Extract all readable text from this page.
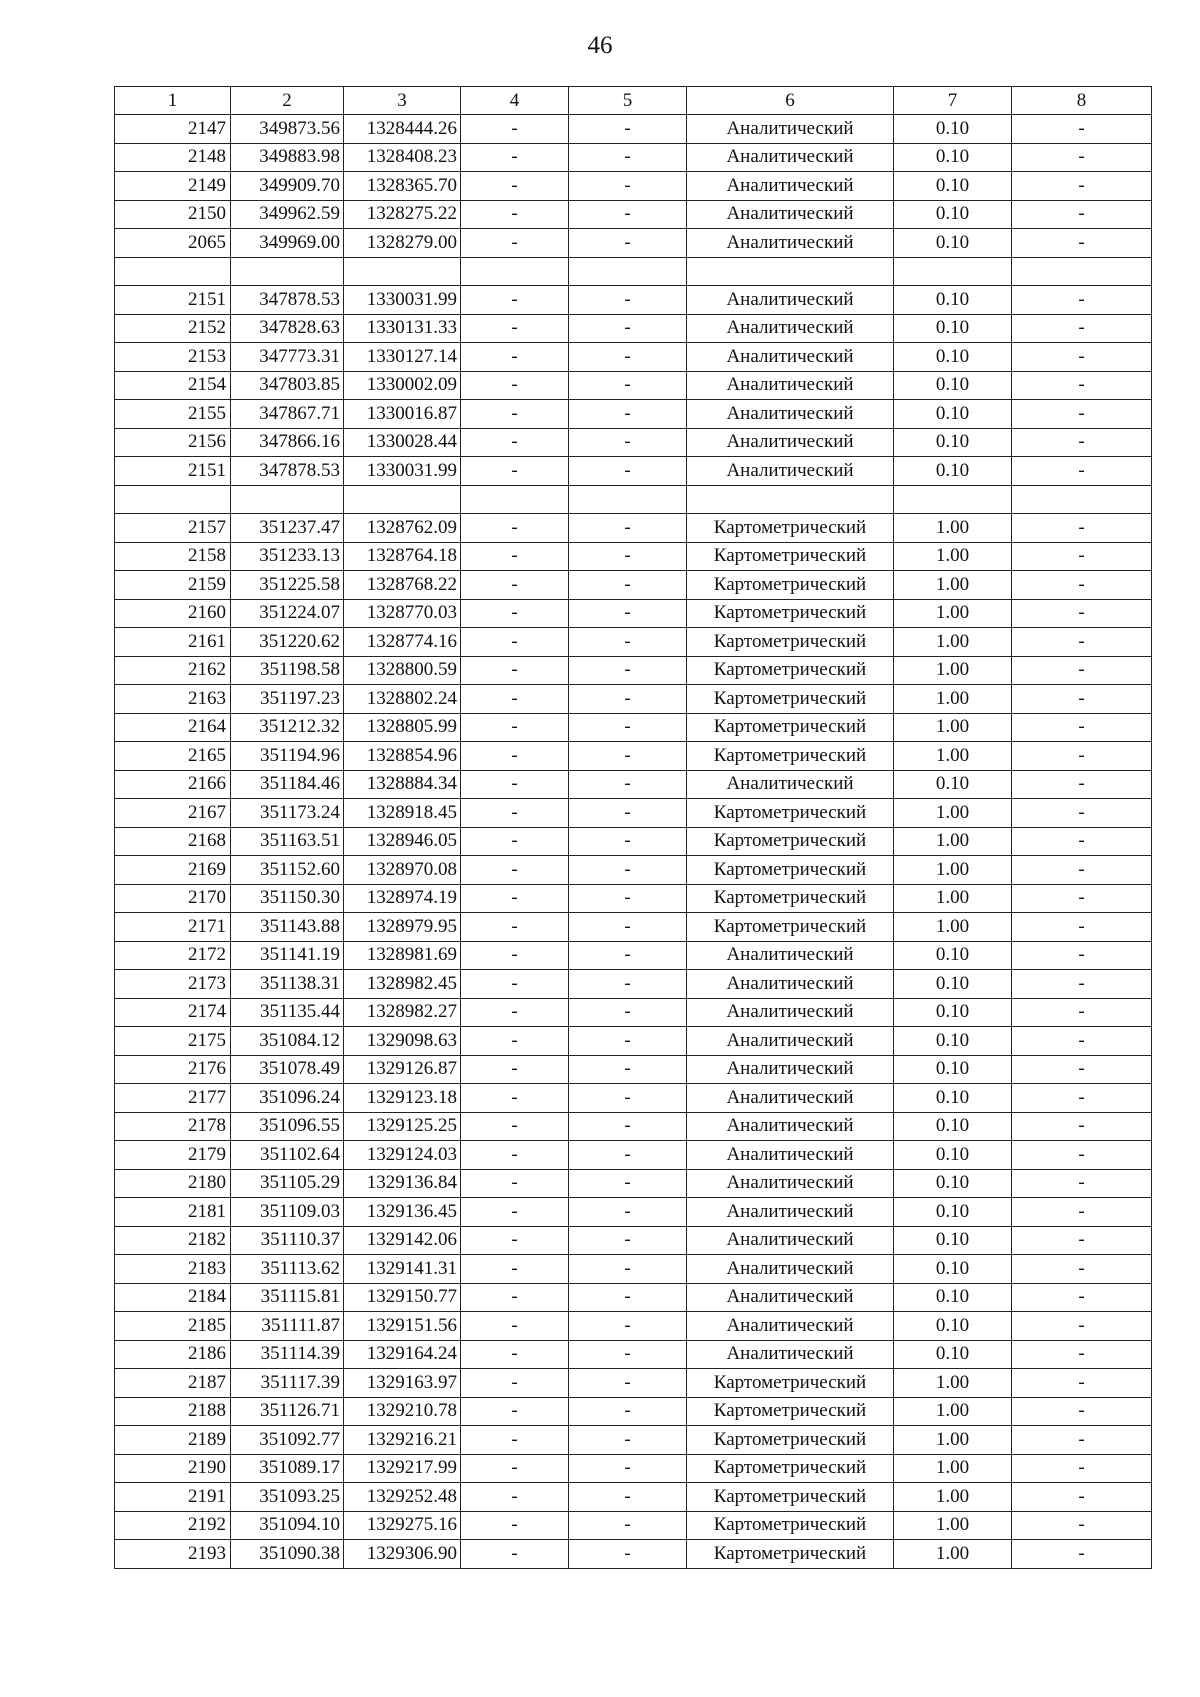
46
1	2	3	4	5	6	7	8
2147	349873.56	1328444.26	-	-	Аналитический	0.10	-
2148	349883.98	1328408.23	-	-	Аналитический	0.10	-
2149	349909.70	1328365.70	-	-	Аналитический	0.10	-
2150	349962.59	1328275.22	-	-	Аналитический	0.10	-
2065	349969.00	1328279.00	-	-	Аналитический	0.10	-

2151	347878.53	1330031.99	-	-	Аналитический	0.10	-
2152	347828.63	1330131.33	-	-	Аналитический	0.10	-
2153	347773.31	1330127.14	-	-	Аналитический	0.10	-
2154	347803.85	1330002.09	-	-	Аналитический	0.10	-
2155	347867.71	1330016.87	-	-	Аналитический	0.10	-
2156	347866.16	1330028.44	-	-	Аналитический	0.10	-
2151	347878.53	1330031.99	-	-	Аналитический	0.10	-

2157	351237.47	1328762.09	-	-	Картометрический	1.00	-
2158	351233.13	1328764.18	-	-	Картометрический	1.00	-
2159	351225.58	1328768.22	-	-	Картометрический	1.00	-
2160	351224.07	1328770.03	-	-	Картометрический	1.00	-
2161	351220.62	1328774.16	-	-	Картометрический	1.00	-
2162	351198.58	1328800.59	-	-	Картометрический	1.00	-
2163	351197.23	1328802.24	-	-	Картометрический	1.00	-
2164	351212.32	1328805.99	-	-	Картометрический	1.00	-
2165	351194.96	1328854.96	-	-	Картометрический	1.00	-
2166	351184.46	1328884.34	-	-	Аналитический	0.10	-
2167	351173.24	1328918.45	-	-	Картометрический	1.00	-
2168	351163.51	1328946.05	-	-	Картометрический	1.00	-
2169	351152.60	1328970.08	-	-	Картометрический	1.00	-
2170	351150.30	1328974.19	-	-	Картометрический	1.00	-
2171	351143.88	1328979.95	-	-	Картометрический	1.00	-
2172	351141.19	1328981.69	-	-	Аналитический	0.10	-
2173	351138.31	1328982.45	-	-	Аналитический	0.10	-
2174	351135.44	1328982.27	-	-	Аналитический	0.10	-
2175	351084.12	1329098.63	-	-	Аналитический	0.10	-
2176	351078.49	1329126.87	-	-	Аналитический	0.10	-
2177	351096.24	1329123.18	-	-	Аналитический	0.10	-
2178	351096.55	1329125.25	-	-	Аналитический	0.10	-
2179	351102.64	1329124.03	-	-	Аналитический	0.10	-
2180	351105.29	1329136.84	-	-	Аналитический	0.10	-
2181	351109.03	1329136.45	-	-	Аналитический	0.10	-
2182	351110.37	1329142.06	-	-	Аналитический	0.10	-
2183	351113.62	1329141.31	-	-	Аналитический	0.10	-
2184	351115.81	1329150.77	-	-	Аналитический	0.10	-
2185	351111.87	1329151.56	-	-	Аналитический	0.10	-
2186	351114.39	1329164.24	-	-	Аналитический	0.10	-
2187	351117.39	1329163.97	-	-	Картометрический	1.00	-
2188	351126.71	1329210.78	-	-	Картометрический	1.00	-
2189	351092.77	1329216.21	-	-	Картометрический	1.00	-
2190	351089.17	1329217.99	-	-	Картометрический	1.00	-
2191	351093.25	1329252.48	-	-	Картометрический	1.00	-
2192	351094.10	1329275.16	-	-	Картометрический	1.00	-
2193	351090.38	1329306.90	-	-	Картометрический	1.00	-
